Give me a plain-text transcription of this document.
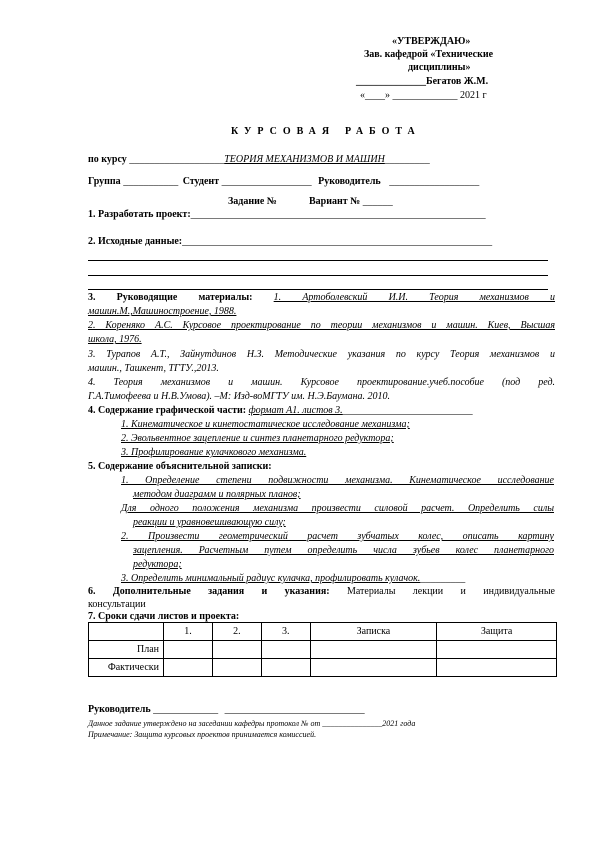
«УТВЕРЖДАЮ»
Зав. кафедрой «Технические
дисциплины»
______________Бегатов Ж.М.
«____» _____________ 2021 г
КУРСОВАЯ РАБОТА
по курсу ___________________ТЕОРИЯ МЕХАНИЗМОВ И МАШИН_________
Группа ___________ Студент __________________ Руководитель __________________
Задание №	Вариант № ______
1. Разработать проект:___________________________________________________________
2. Исходные данные:______________________________________________________________
3. Руководящие материалы: 1. Артоболевский И.И. Теория механизмов и
машин.М.,Машиностроение, 1988.
2. Кореняко А.С. Курсовое проектирование по теории механизмов и машин. Киев, Высшая
школа, 1976.
3. Турапов А.Т., Зайнутдинов Н.З. Методические указания по курсу Теория механизмов и
машин., Ташкент, ТГТУ.,2013.
4. Теория механизмов и машин. Курсовое проектирование.учеб.пособие (под ред.
Г.А.Тимофеева и Н.В.Умова). –М: Изд-воМГТУ им. Н.Э.Баумана. 2010.
4. Содержание графической части: формат А1. листов 3.__________________________
1. Кинематическое и кинетостатическое исследование механизма;
2. Эвольвентное зацепление и синтез планетарного редуктора;
3. Профилирование кулачкового механизма.
5. Содержание объяснительной записки:
1. Определение степени подвижности механизма. Кинематическое исследование
методом диаграмм и полярных планов;
Для одного положения механизма произвести силовой расчет. Определить силы
реакции и уравновешивающую силу;
2. Произвести геометрический расчет зубчатых колес, описать картину
зацепления. Расчетным путем определить числа зубьев колес планетарного
редуктора;
3. Определить минимальный радиус кулачка, профилировать кулачок._________
6. Дополнительные задания и указания: Материалы лекции и индивидуальные
консультации
7. Сроки сдачи листов и проекта:
	1.	2.	3.	Записка	Защита
План					
Фактически					
Руководитель _____________ ____________________________
Данное задание утверждено на заседании кафедры протокол № от _______________2021 года
Примечание: Защита курсовых проектов принимается комиссией.
